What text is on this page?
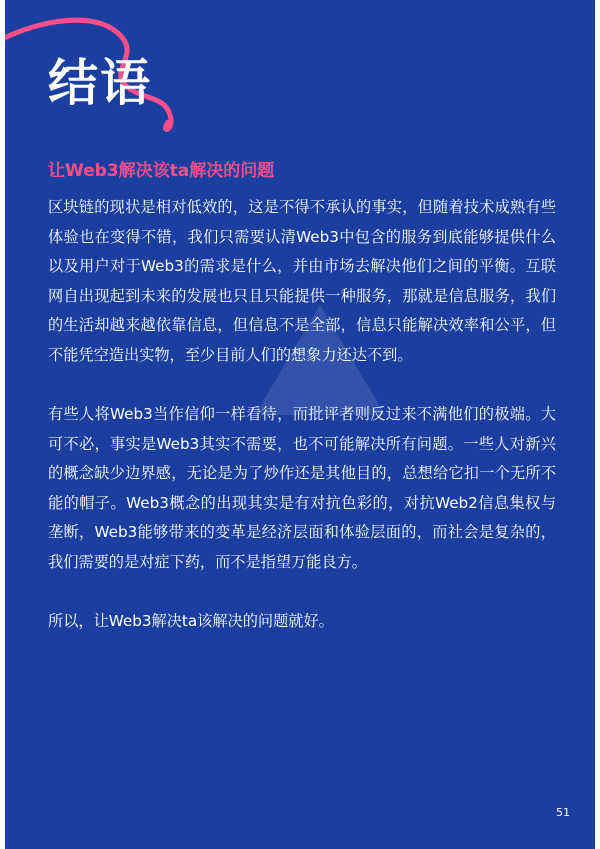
结语
让Web3解决该ta解决的问题

区块链的现状是相对低效的，这是不得不承认的事实，但随着技术成熟有些体验也在变得不错，我们只需要认清Web3中包含的服务到底能够提供什么以及用户对于Web3的需求是什么，并由市场去解决他们之间的平衡。互联网自出现起到未来的发展也只且只能提供一种服务，那就是信息服务，我们的生活却越来越依靠信息，但信息不是全部，信息只能解决效率和公平，但不能凭空造出实物，至少目前人们的想象力还达不到。

有些人将Web3当作信仰一样看待，而批评者则反过来不满他们的极端。大可不必，事实是Web3其实不需要，也不可能解决所有问题。一些人对新兴的概念缺少边界感，无论是为了炒作还是其他目的，总想给它扣一个无所不能的帽子。Web3概念的出现其实是有对抗色彩的，对抗Web2信息集权与垄断，Web3能够带来的变革是经济层面和体验层面的，而社会是复杂的，我们需要的是对症下药，而不是指望万能良方。

所以，让Web3解决ta该解决的问题就好。

51
